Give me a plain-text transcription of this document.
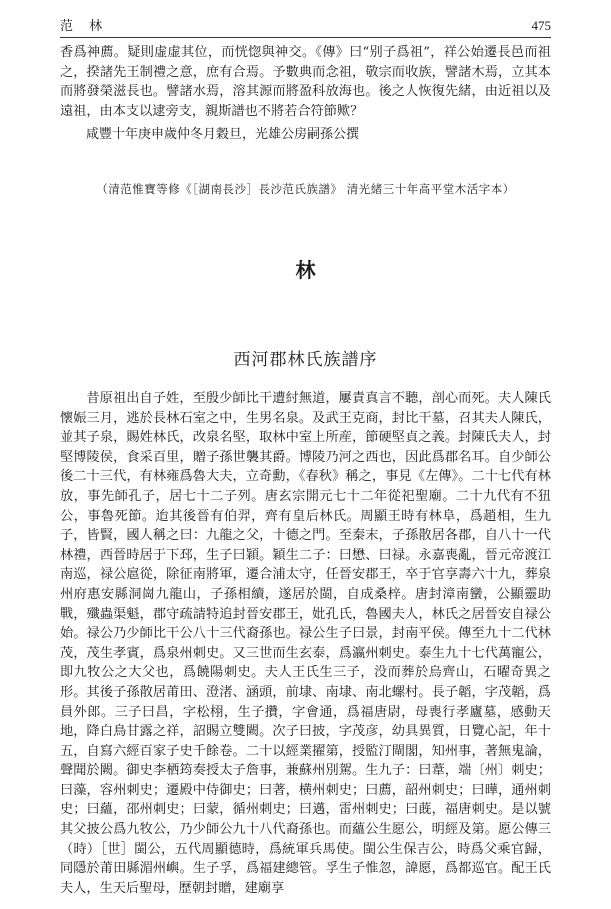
范 林	475

香爲神薦。疑則虚虚其位，而恍惚與神交。《傳》曰“别子爲祖”，祥公始遷長邑而祖之，揆諸先王制禮之意，庶有合焉。予數典而念祖，敬宗而收族，譬諸木焉，立其本而將發榮滋長也。譬諸水焉，溶其源而將盈科放海也。後之人恢復先緒，由近祖以及遠祖，由本支以逮旁支，親斯譜也不將若合符節歟？

咸豐十年庚申歲仲冬月穀旦，光雄公房嗣孫公撰

（清范惟寶等修《［湖南長沙］長沙范氏族譜》 清光緒三十年高平堂木活字本）
林
西河郡林氏族譜序

昔原祖出自子姓，至殷少師比干遭紂無道，屢責真言不聽，剖心而死。夫人陳氏懷娠三月，逃於長林石室之中，生男名泉。及武王克商，封比干墓，召其夫人陳氏，並其子泉，賜姓林氏，改泉名堅，取林中室上所産，節硬堅貞之義。封陳氏夫人，封堅博陵侯，食采百里，贈子孫世襲其爵。博陵乃河之西也，因此爲郡名耳。自少師公後二十三代，有林雍爲魯大夫，立奇勳，《春秋》稱之，事見《左傳》。二十七代有林放，事先師孔子，居七十二子列。唐玄宗開元七十二年從祀聖廟。二十九代有不狃公，事魯死節。迨其後晉有伯羿，齊有皇后林氏。周顯王時有林阜，爲趙相，生九子，皆賢，國人稱之曰：九龍之父，十德之門。至秦末，子孫散居各郡，自八十一代林禮，西晉時居于下邳，生子曰穎。穎生二子：曰懋、曰禄。永嘉喪亂，晉元帝渡江南巡，禄公扈從，除征南將軍，遷合浦太守，任晉安郡王，卒于官享壽六十九，葬泉州府惠安縣洞崗九龍山，子孫相續，遂居於閩，自成桑梓。唐封漳南蠻，公顯靈助戰，殲蟲渠魁，郡守疏請特追封晉安郡王，妣孔氏，魯國夫人，林氏之居晉安自禄公始。禄公乃少師比干公八十三代裔孫也。禄公生子曰景，封南平侯。傳至九十二代林茂，茂生孝賓，爲泉州刺史。又三世而生玄泰，爲瀛州刺史。泰生九十七代萬寵公，即九牧公之大父也，爲饒陽刺史。夫人王氏生三子，没而葬於烏齊山，石曜奇異之形。其後子孫散居莆田、澄渚、涵頭，前埭、南埭、南北螺村。長子韜，字茂韜，爲員外郎。三子曰昌，字松栩，生子攢，字會通，爲福唐尉，母喪行孝廬墓，感動天地，降白鳥甘露之祥，詔賜立雙闕。次子曰披，字茂彦，幼具異質，日覽心記，年十五，自寫六經百家子史千餘卷。二十以經業擢第，授監汀閘閣，知州事，著無鬼論，聲聞於闕。御史李栖筠奏授太子詹事，兼蘇州別駕。生九子：曰葦，端〔州〕刺史；曰藻，容州刺史；遷殿中侍御史；曰著，横州刺史；曰薦，韶州刺史；曰曄，通州刺史；曰蘊，邵州刺史；曰蒙，循州刺史；曰邁，雷州刺史；曰蔇，福唐刺史。是以號其父披公爲九牧公，乃少師公九十八代裔孫也。而蘊公生愿公，明經及第。愿公傳三（時）［世］閩公，五代周顯德時，爲統軍兵馬使。閩公生保吉公，時爲父乘官歸，同隱於莆田縣湄州嶼。生子孚，爲福建總管。孚生子惟忽，諱愿，爲都巡官。配王氏夫人，生天后聖母，歷朝封贈，建廟享
